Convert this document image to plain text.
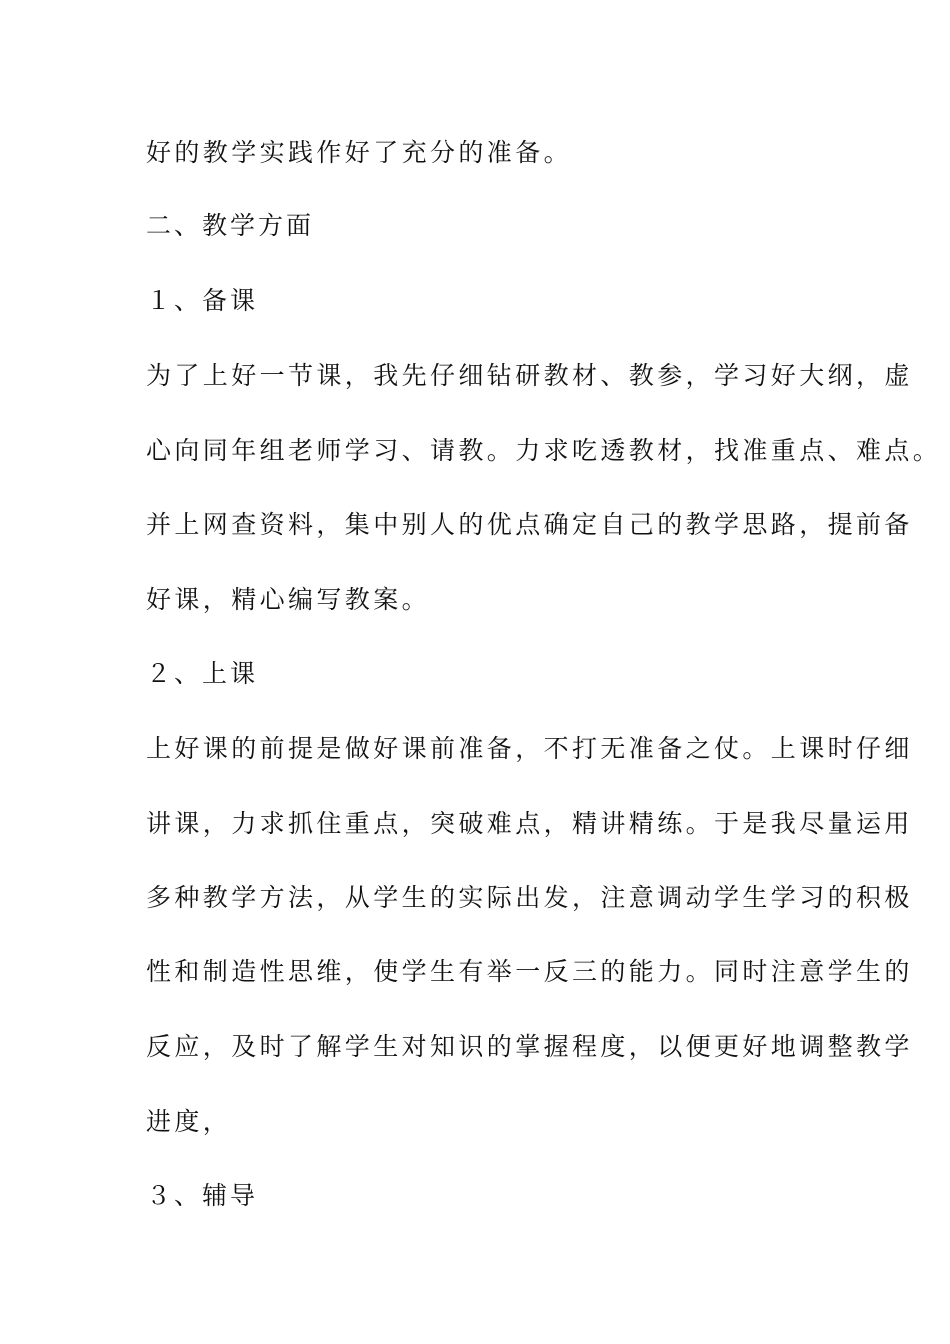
好的教学实践作好了充分的准备。
二、教学方面
１、备课
为了上好一节课，我先仔细钻研教材、教参，学习好大纲，虚
心向同年组老师学习、请教。力求吃透教材，找准重点、难点。
并上网查资料，集中别人的优点确定自己的教学思路，提前备
好课，精心编写教案。
２、上课
上好课的前提是做好课前准备，不打无准备之仗。上课时仔细
讲课，力求抓住重点，突破难点，精讲精练。于是我尽量运用
多种教学方法，从学生的实际出发，注意调动学生学习的积极
性和制造性思维，使学生有举一反三的能力。同时注意学生的
反应，及时了解学生对知识的掌握程度，以便更好地调整教学
进度，
３、辅导
